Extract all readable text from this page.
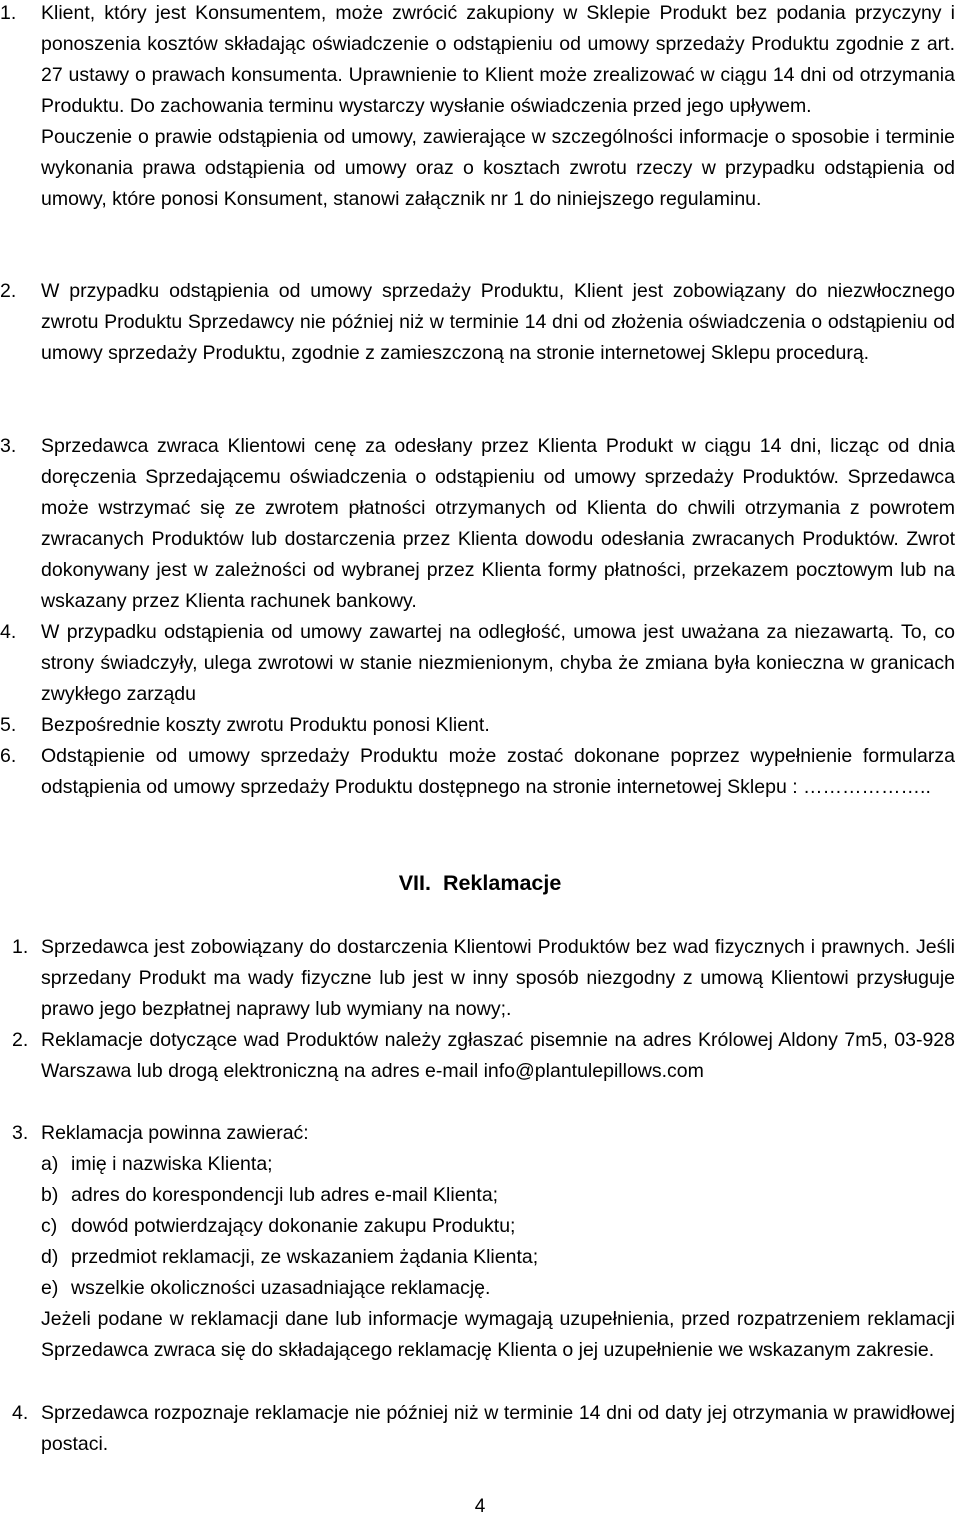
1.	Klient, który jest Konsumentem, może zwrócić zakupiony w Sklepie Produkt bez podania przyczyny i ponoszenia kosztów składając oświadczenie o odstąpieniu od umowy sprzedaży Produktu zgodnie z art. 27 ustawy o prawach konsumenta. Uprawnienie to Klient może zrealizować w ciągu 14 dni od otrzymania Produktu. Do zachowania terminu wystarczy wysłanie oświadczenia przed jego upływem.
Pouczenie o prawie odstąpienia od umowy, zawierające w szczególności informacje o sposobie i terminie wykonania prawa odstąpienia od umowy oraz o kosztach zwrotu rzeczy w przypadku odstąpienia od umowy, które ponosi Konsument, stanowi załącznik nr 1 do niniejszego regulaminu.
2.	W przypadku odstąpienia od umowy sprzedaży Produktu, Klient jest zobowiązany do niezwłocznego zwrotu Produktu Sprzedawcy nie później niż w terminie 14 dni od złożenia oświadczenia o odstąpieniu od umowy sprzedaży Produktu, zgodnie z zamieszczoną na stronie internetowej Sklepu procedurą.
3.	Sprzedawca zwraca Klientowi cenę za odesłany przez Klienta Produkt w ciągu 14 dni, licząc od dnia doręczenia Sprzedającemu oświadczenia o odstąpieniu od umowy sprzedaży Produktów. Sprzedawca może wstrzymać się ze zwrotem płatności otrzymanych od Klienta do chwili otrzymania z powrotem zwracanych Produktów lub dostarczenia przez Klienta dowodu odesłania zwracanych Produktów. Zwrot dokonywany jest w zależności od wybranej przez Klienta formy płatności, przekazem pocztowym lub na wskazany przez Klienta rachunek bankowy.
4.	W przypadku odstąpienia od umowy zawartej na odległość, umowa jest uważana za niezawartą. To, co strony świadczyły, ulega zwrotowi w stanie niezmienionym, chyba że zmiana była konieczna w granicach zwykłego zarządu
5.	Bezpośrednie koszty zwrotu Produktu ponosi Klient.
6.	Odstąpienie od umowy sprzedaży Produktu może zostać dokonane poprzez wypełnienie formularza odstąpienia od umowy sprzedaży Produktu dostępnego na stronie internetowej Sklepu : ………………..
VII. Reklamacje
1. Sprzedawca jest zobowiązany do dostarczenia Klientowi Produktów bez wad fizycznych i prawnych. Jeśli sprzedany Produkt ma wady fizyczne lub jest w inny sposób niezgodny z umową Klientowi przysługuje prawo jego bezpłatnej naprawy lub wymiany na nowy;.
2. Reklamacje dotyczące wad Produktów należy zgłaszać pisemnie na adres Królowej Aldony 7m5, 03-928 Warszawa lub drogą elektroniczną na adres e-mail info@plantulepillows.com
3. Reklamacja powinna zawierać:
a) imię i nazwiska Klienta;
b) adres do korespondencji lub adres e-mail Klienta;
c) dowód potwierdzający dokonanie zakupu Produktu;
d) przedmiot reklamacji, ze wskazaniem żądania Klienta;
e) wszelkie okoliczności uzasadniające reklamację.
Jeżeli podane w reklamacji dane lub informacje wymagają uzupełnienia, przed rozpatrzeniem reklamacji Sprzedawca zwraca się do składającego reklamację Klienta o jej uzupełnienie we wskazanym zakresie.
4. Sprzedawca rozpoznaje reklamacje nie później niż w terminie 14 dni od daty jej otrzymania w prawidłowej postaci.
4
